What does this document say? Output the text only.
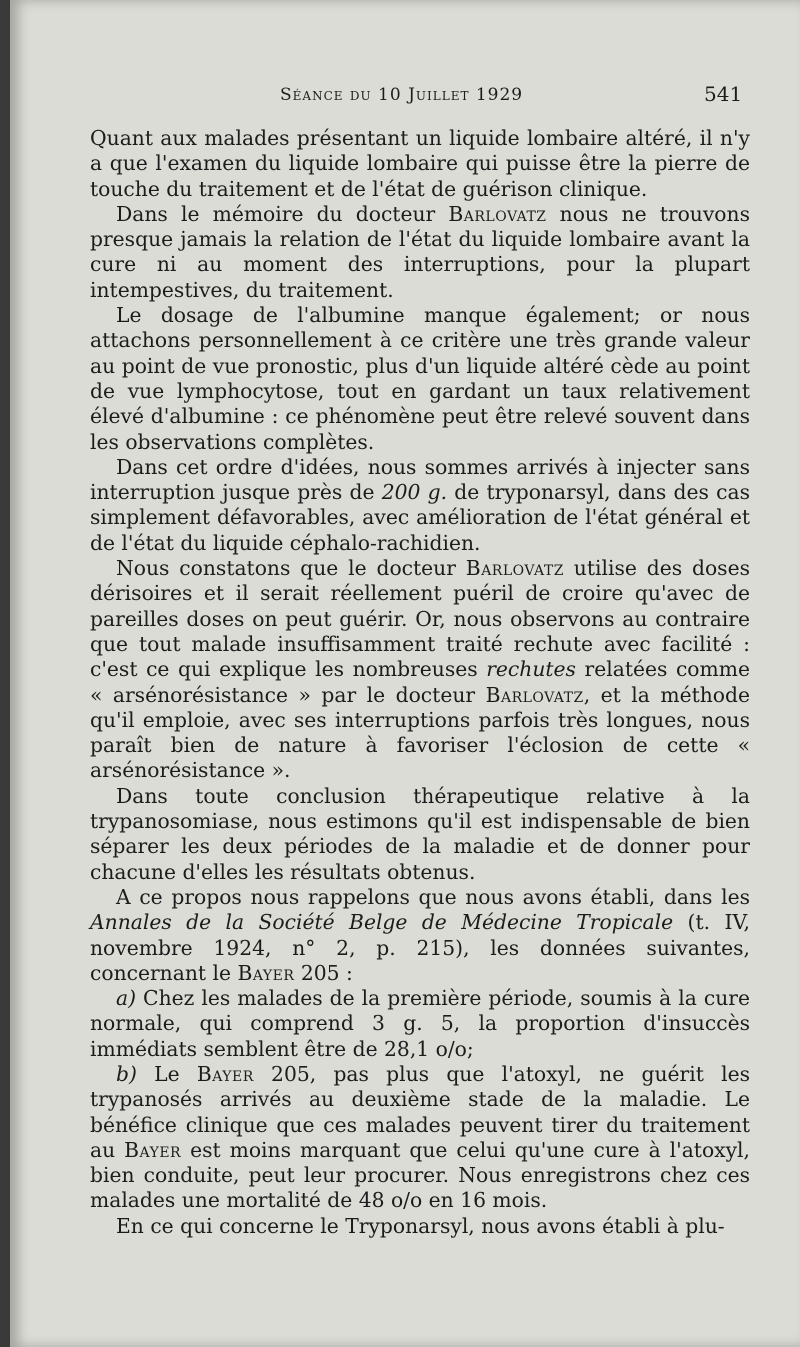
Séance du 10 Juillet 1929	541

Quant aux malades présentant un liquide lombaire altéré, il n'y a que l'examen du liquide lombaire qui puisse être la pierre de touche du traitement et de l'état de guérison clinique.

Dans le mémoire du docteur Barlovatz nous ne trouvons presque jamais la relation de l'état du liquide lombaire avant la cure ni au moment des interruptions, pour la plupart intempestives, du traitement.

Le dosage de l'albumine manque également; or nous attachons personnellement à ce critère une très grande valeur au point de vue pronostic, plus d'un liquide altéré cède au point de vue lymphocytose, tout en gardant un taux relativement élevé d'albumine : ce phénomène peut être relevé souvent dans les observations complètes.

Dans cet ordre d'idées, nous sommes arrivés à injecter sans interruption jusque près de 200 g. de tryponarsyl, dans des cas simplement défavorables, avec amélioration de l'état général et de l'état du liquide céphalo-rachidien.

Nous constatons que le docteur Barlovatz utilise des doses dérisoires et il serait réellement puéril de croire qu'avec de pareilles doses on peut guérir. Or, nous observons au contraire que tout malade insuffisamment traité rechute avec facilité : c'est ce qui explique les nombreuses rechutes relatées comme « arsénorésistance » par le docteur Barlovatz, et la méthode qu'il emploie, avec ses interruptions parfois très longues, nous paraît bien de nature à favoriser l'éclosion de cette « arsénorésistance ».

Dans toute conclusion thérapeutique relative à la trypanosomiase, nous estimons qu'il est indispensable de bien séparer les deux périodes de la maladie et de donner pour chacune d'elles les résultats obtenus.

A ce propos nous rappelons que nous avons établi, dans les Annales de la Société Belge de Médecine Tropicale (t. IV, novembre 1924, n° 2, p. 215), les données suivantes, concernant le Bayer 205 :

a) Chez les malades de la première période, soumis à la cure normale, qui comprend 3 g. 5, la proportion d'insuccès immédiats semblent être de 28,1 o/o;

b) Le Bayer 205, pas plus que l'atoxyl, ne guérit les trypanosés arrivés au deuxième stade de la maladie. Le bénéfice clinique que ces malades peuvent tirer du traitement au Bayer est moins marquant que celui qu'une cure à l'atoxyl, bien conduite, peut leur procurer. Nous enregistrons chez ces malades une mortalité de 48 o/o en 16 mois.

En ce qui concerne le Tryponarsyl, nous avons établi à plu-
